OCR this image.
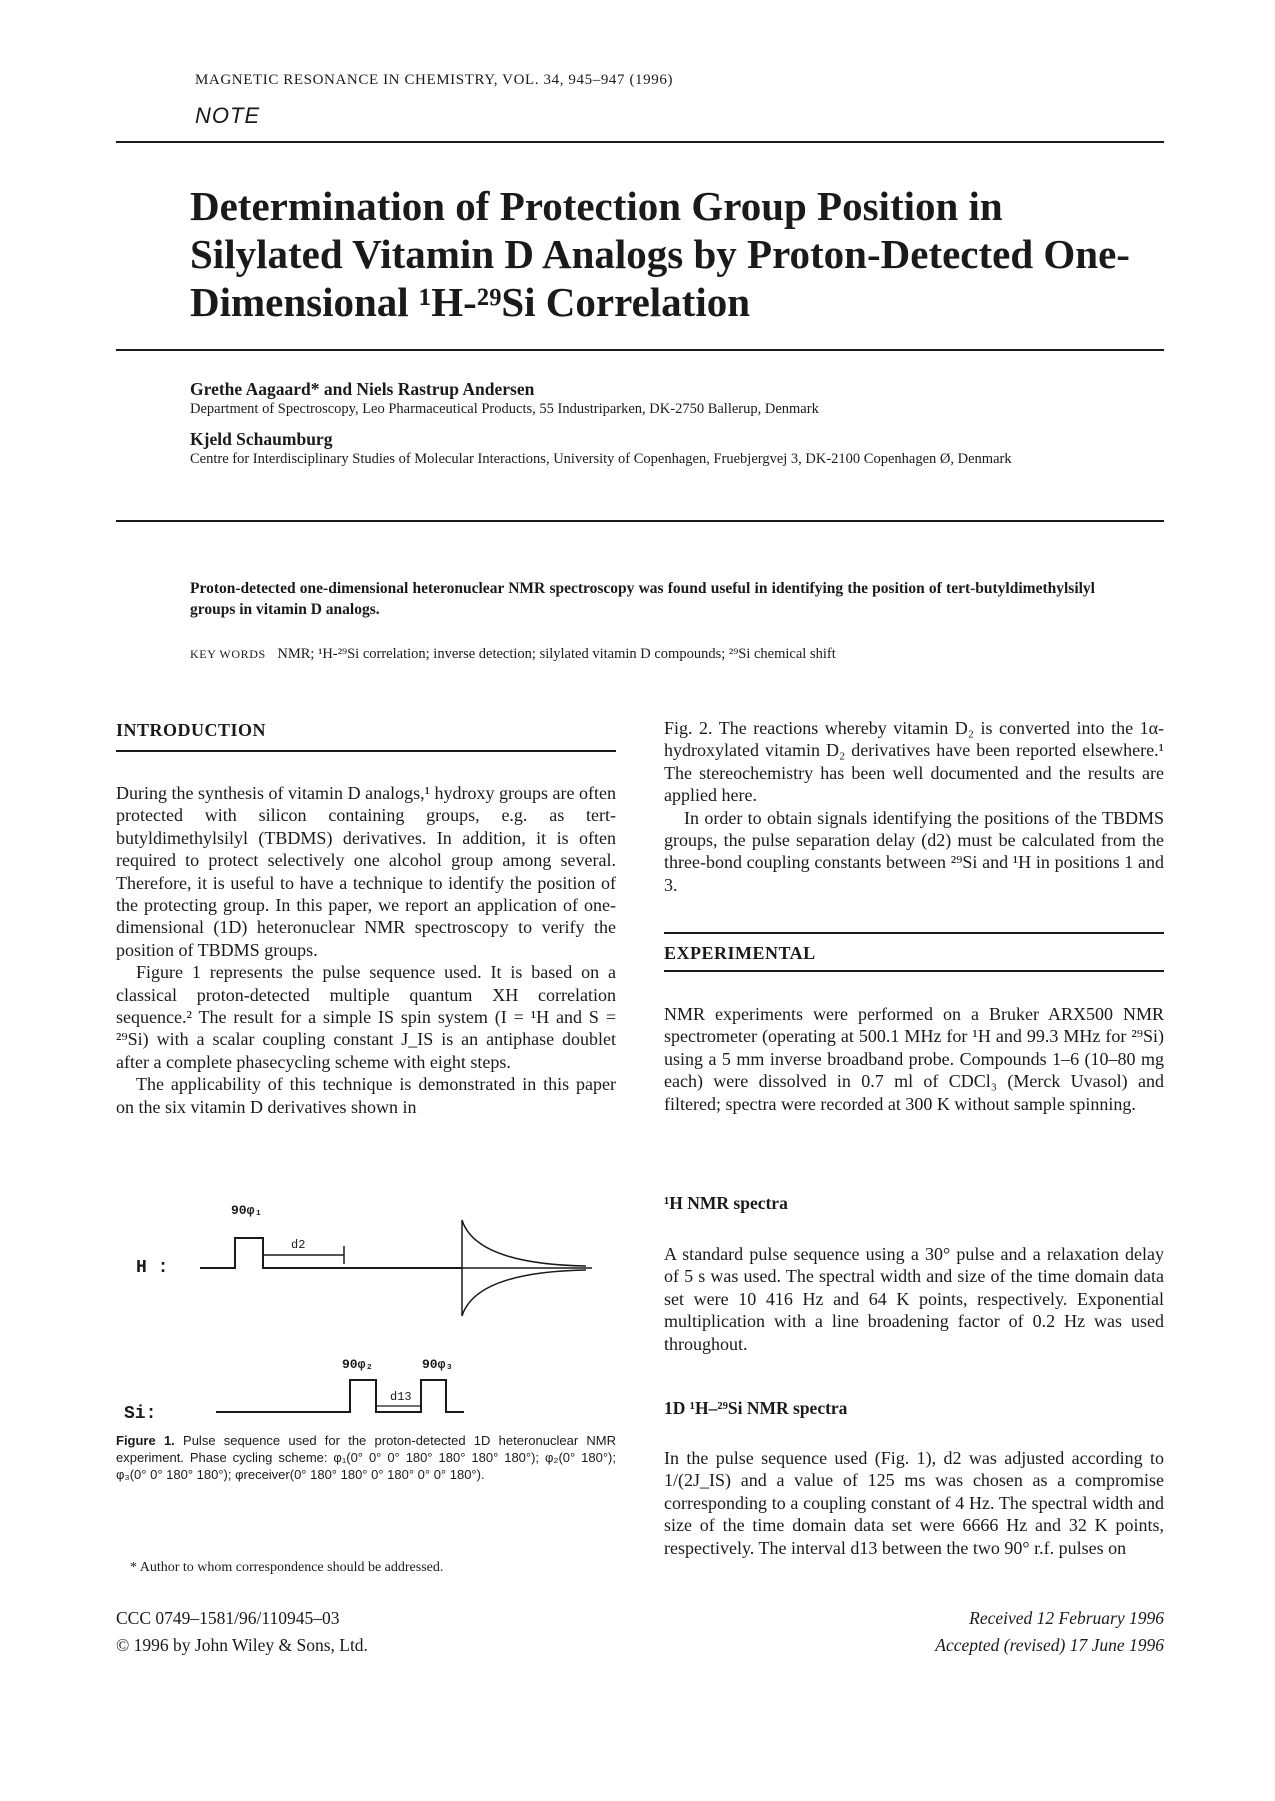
MAGNETIC RESONANCE IN CHEMISTRY, VOL. 34, 945–947 (1996)
NOTE
Determination of Protection Group Position in Silylated Vitamin D Analogs by Proton-Detected One-Dimensional ¹H-²⁹Si Correlation
Grethe Aagaard* and Niels Rastrup Andersen
Department of Spectroscopy, Leo Pharmaceutical Products, 55 Industriparken, DK-2750 Ballerup, Denmark
Kjeld Schaumburg
Centre for Interdisciplinary Studies of Molecular Interactions, University of Copenhagen, Fruebjergvej 3, DK-2100 Copenhagen Ø, Denmark
Proton-detected one-dimensional heteronuclear NMR spectroscopy was found useful in identifying the position of tert-butyldimethylsilyl groups in vitamin D analogs.
KEY WORDS NMR; ¹H-²⁹Si correlation; inverse detection; silylated vitamin D compounds; ²⁹Si chemical shift
INTRODUCTION

During the synthesis of vitamin D analogs,¹ hydroxy groups are often protected with silicon containing groups, e.g. as tert-butyldimethylsilyl (TBDMS) derivatives. In addition, it is often required to protect selectively one alcohol group among several. Therefore, it is useful to have a technique to identify the position of the protecting group. In this paper, we report an application of one-dimensional (1D) heteronuclear NMR spectroscopy to verify the position of TBDMS groups.

Figure 1 represents the pulse sequence used. It is based on a classical proton-detected multiple quantum XH correlation sequence.² The result for a simple IS spin system (I = ¹H and S = ²⁹Si) with a scalar coupling constant J_IS is an antiphase doublet after a complete phasecycling scheme with eight steps.

The applicability of this technique is demonstrated in this paper on the six vitamin D derivatives shown in

H :
Si:
90φ₁
d2
90φ₂	90φ₃
d13
Figure 1. Pulse sequence used for the proton-detected 1D heteronuclear NMR experiment. Phase cycling scheme: φ₁(0° 0° 0° 180° 180° 180° 180°); φ₂(0° 180°); φ₃(0° 0° 180° 180°); φreceiver(0° 180° 180° 0° 180° 0° 0° 180°).
* Author to whom correspondence should be addressed.
CCC 0749–1581/96/110945–03
© 1996 by John Wiley & Sons, Ltd.

Fig. 2. The reactions whereby vitamin D₂ is converted into the 1α-hydroxylated vitamin D₂ derivatives have been reported elsewhere.¹ The stereochemistry has been well documented and the results are applied here.

In order to obtain signals identifying the positions of the TBDMS groups, the pulse separation delay (d2) must be calculated from the three-bond coupling constants between ²⁹Si and ¹H in positions 1 and 3.

EXPERIMENTAL
NMR experiments were performed on a Bruker ARX500 NMR spectrometer (operating at 500.1 MHz for ¹H and 99.3 MHz for ²⁹Si) using a 5 mm inverse broadband probe. Compounds 1–6 (10–80 mg each) were dissolved in 0.7 ml of CDCl₃ (Merck Uvasol) and filtered; spectra were recorded at 300 K without sample spinning.
¹H NMR spectra
A standard pulse sequence using a 30° pulse and a relaxation delay of 5 s was used. The spectral width and size of the time domain data set were 10 416 Hz and 64 K points, respectively. Exponential multiplication with a line broadening factor of 0.2 Hz was used throughout.
1D ¹H–²⁹Si NMR spectra
In the pulse sequence used (Fig. 1), d2 was adjusted according to 1/(2J_IS) and a value of 125 ms was chosen as a compromise corresponding to a coupling constant of 4 Hz. The spectral width and size of the time domain data set were 6666 Hz and 32 K points, respectively. The interval d13 between the two 90° r.f. pulses on
Received 12 February 1996
Accepted (revised) 17 June 1996
